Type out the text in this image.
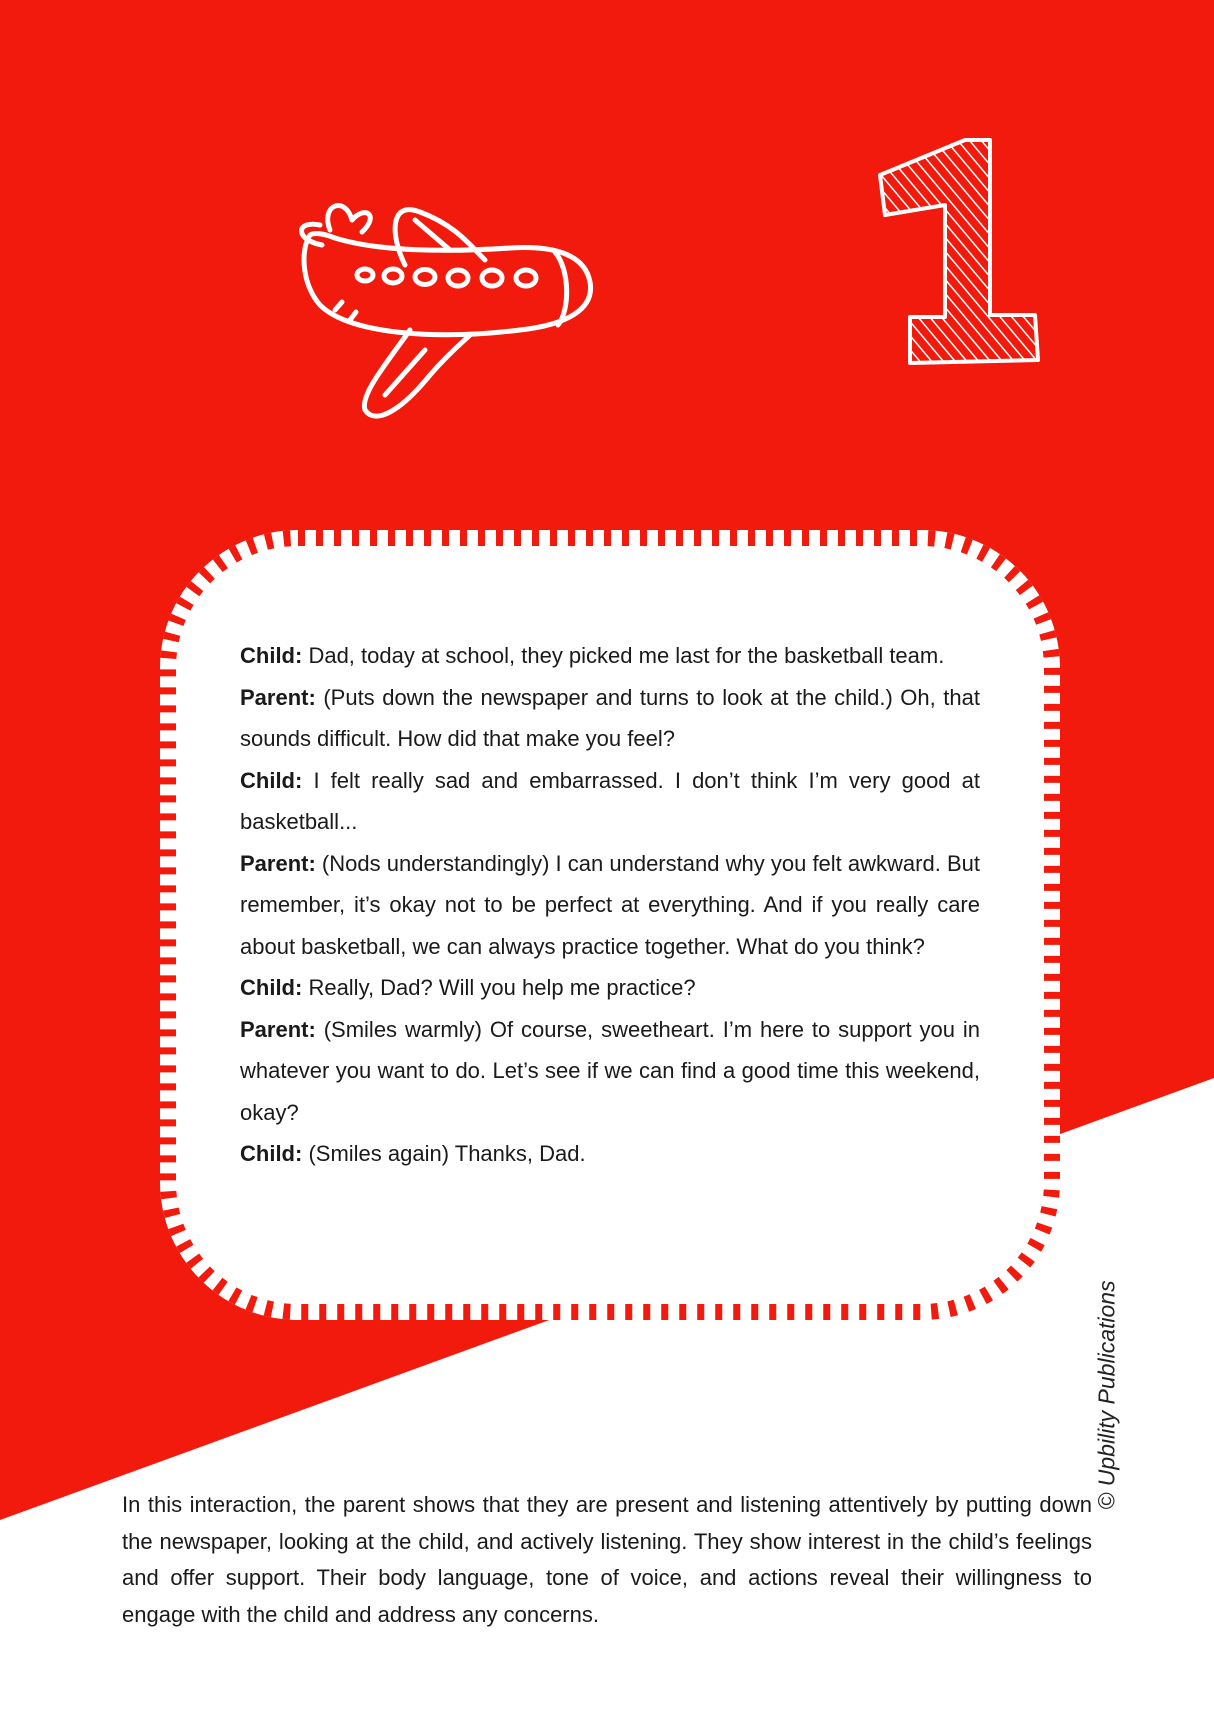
Child: Dad, today at school, they picked me last for the basketball team.

Parent: (Puts down the newspaper and turns to look at the child.) Oh, that sounds difficult. How did that make you feel?

Child: I felt really sad and embarrassed. I don’t think I’m very good at basketball...

Parent: (Nods understandingly) I can understand why you felt awkward. But remember, it’s okay not to be perfect at everything. And if you really care about basketball, we can always practice together. What do you think?

Child: Really, Dad? Will you help me practice?

Parent: (Smiles warmly) Of course, sweetheart. I’m here to support you in whatever you want to do. Let’s see if we can find a good time this weekend, okay?

Child: (Smiles again) Thanks, Dad.

© Upbility Publications

In this interaction, the parent shows that they are present and listening attentively by putting down the newspaper, looking at the child, and actively listening. They show interest in the child’s feelings and offer support. Their body language, tone of voice, and actions reveal their willingness to engage with the child and address any concerns.
